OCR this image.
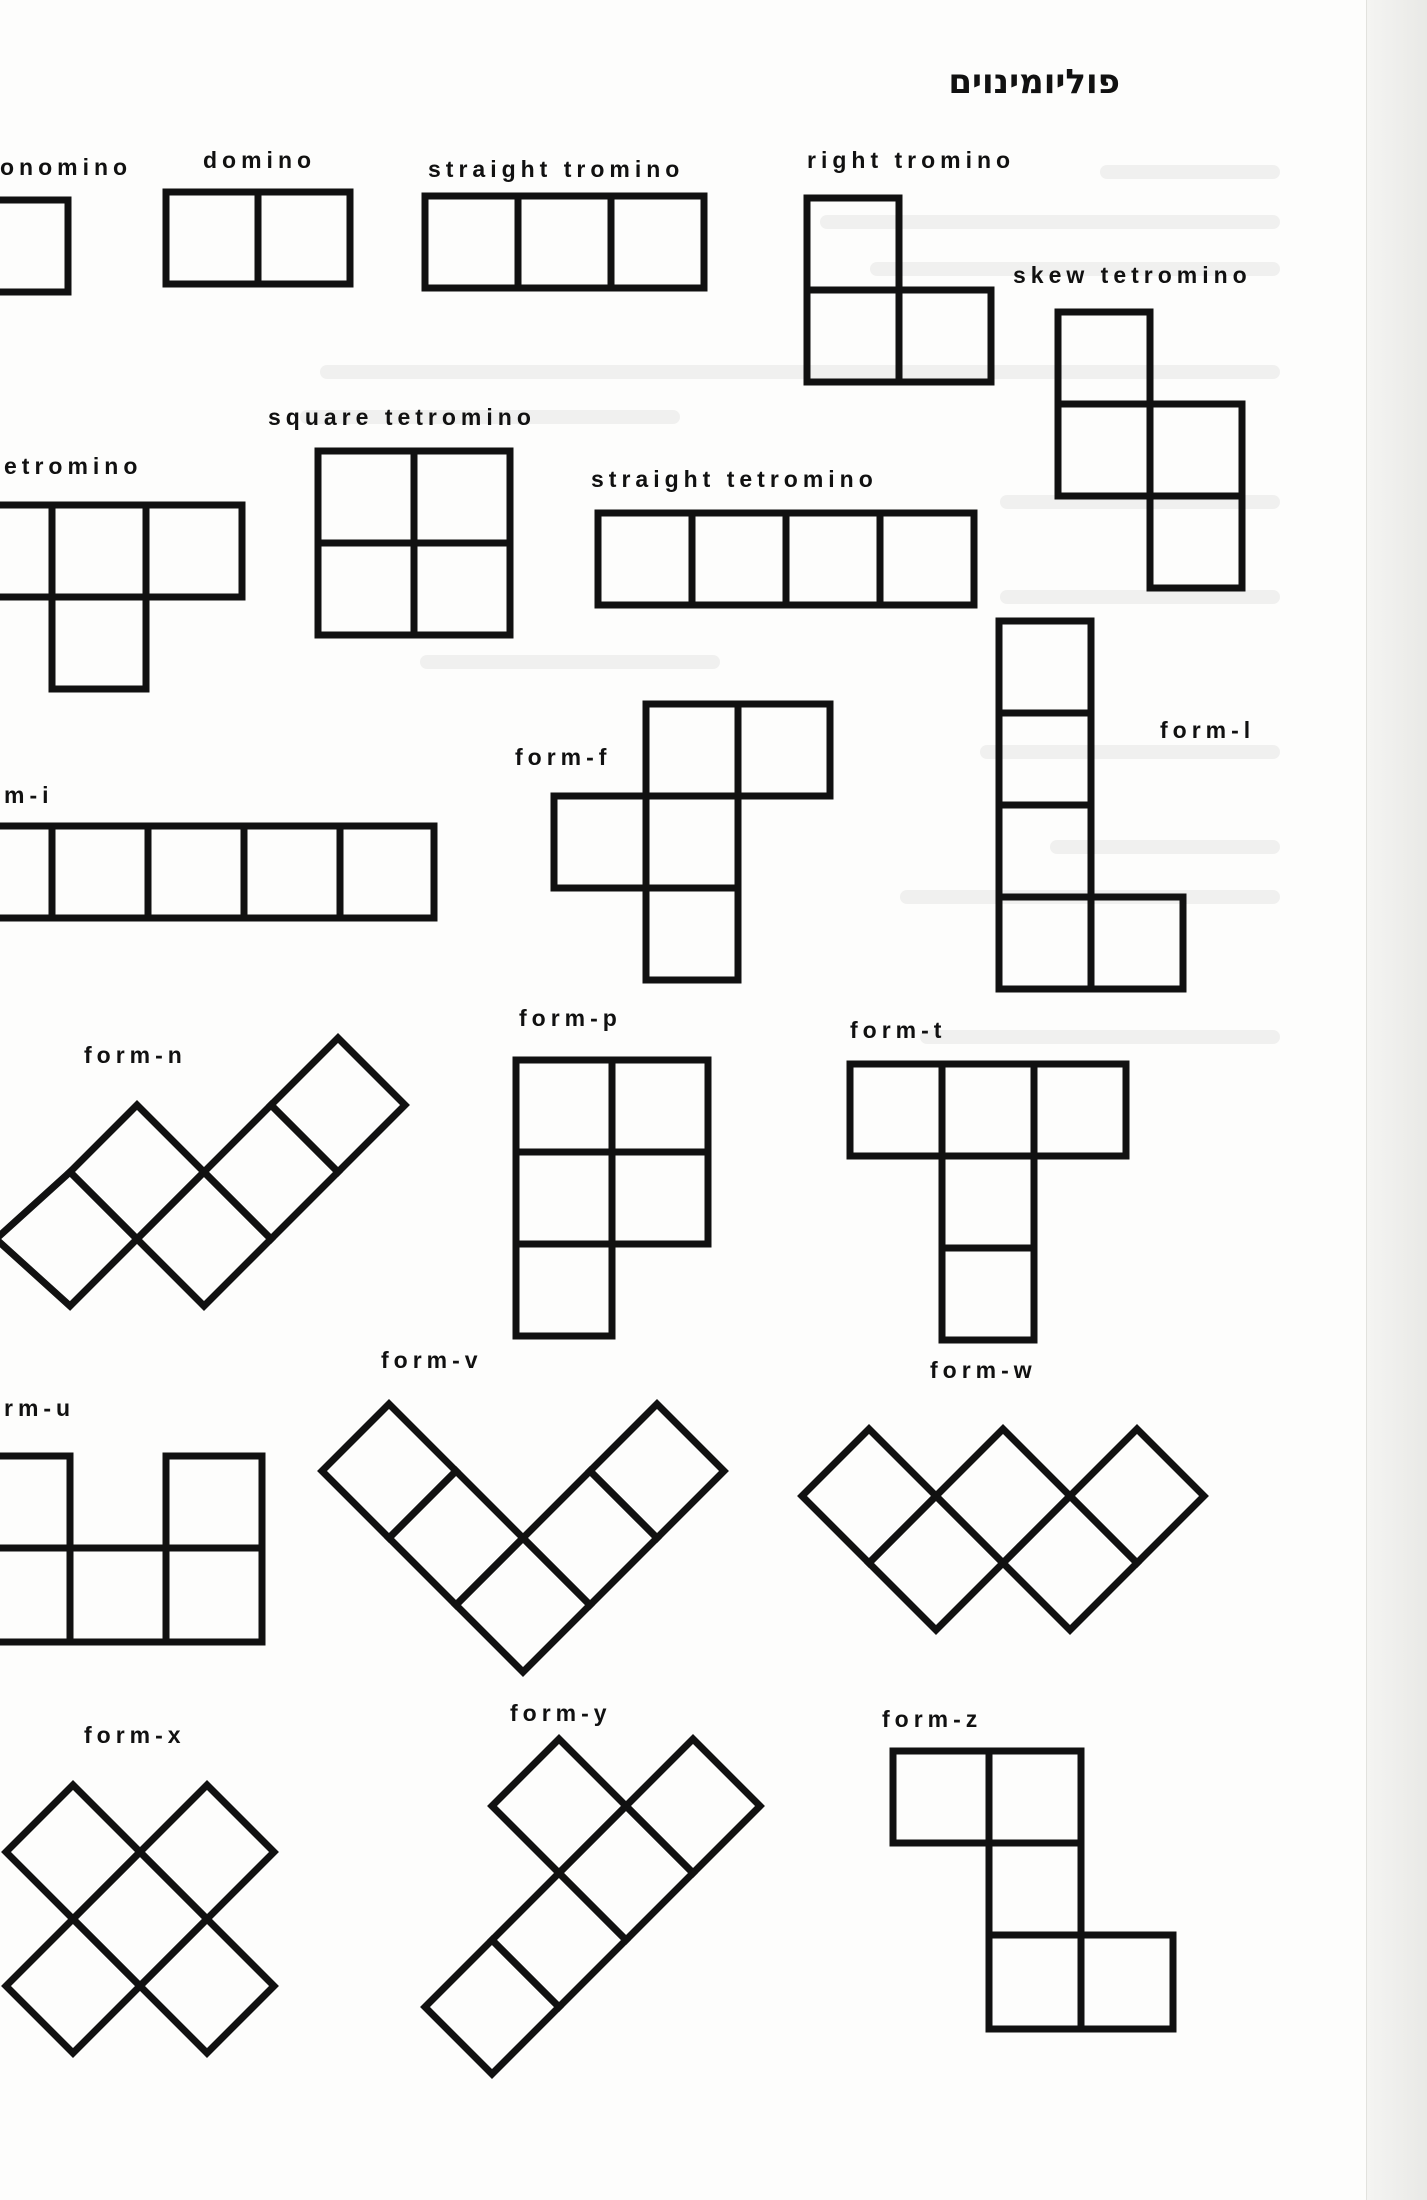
פוליומינוים

onomino	domino	straight tromino	right tromino

skew tetromino

square tetromino

etromino	straight tetromino

form-l

form-f

m-i

form-n

form-p	form-t

form-v	form-w

rm-u

form-x

form-y	form-z
